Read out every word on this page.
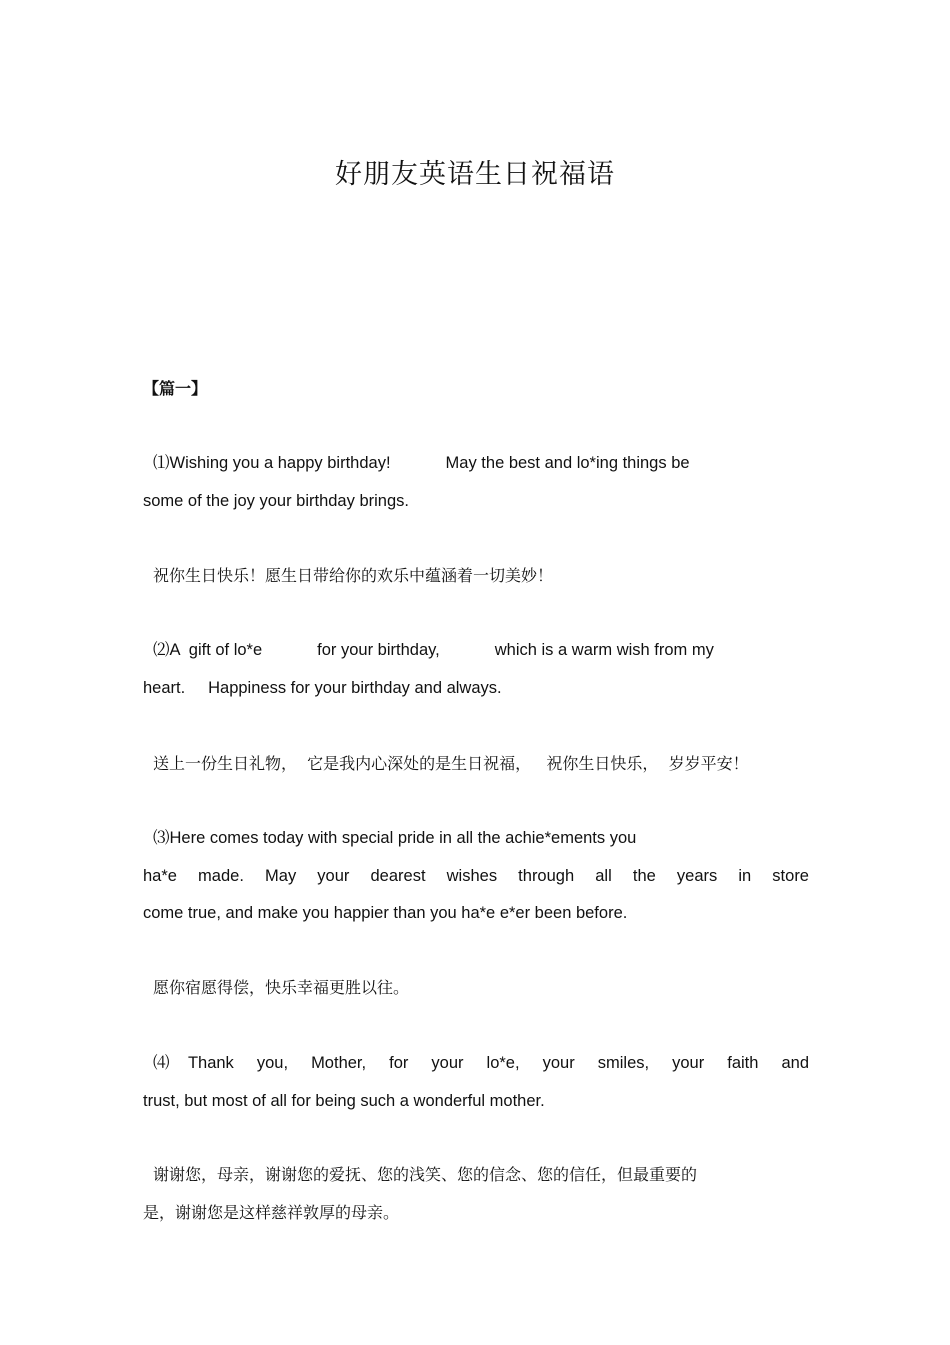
好朋友英语生日祝福语
【篇一】
⑴Wishing you a happy birthday!            May the best and lo*ing things be
some of the joy your birthday brings.
祝你生日快乐！愿生日带给你的欢乐中蕴涵着一切美妙！
⑵A  gift of lo*e            for your birthday,            which is a warm wish from my
heart.     Happiness for your birthday and always.
送上一份生日礼物，  它是我内心深处的是生日祝福，   祝你生日快乐，  岁岁平安！
⑶Here comes today with special pride in all the achie*ements you
ha*e made. May your dearest wishes through all the years in store
come true, and make you happier than you ha*e e*er been before.
愿你宿愿得偿，快乐幸福更胜以往。
⑷Thank you, Mother, for your lo*e, your smiles, your faith and
trust, but most of all for being such a wonderful mother.
谢谢您，母亲，谢谢您的爱抚、您的浅笑、您的信念、您的信任，但最重要的
是，谢谢您是这样慈祥敦厚的母亲。
